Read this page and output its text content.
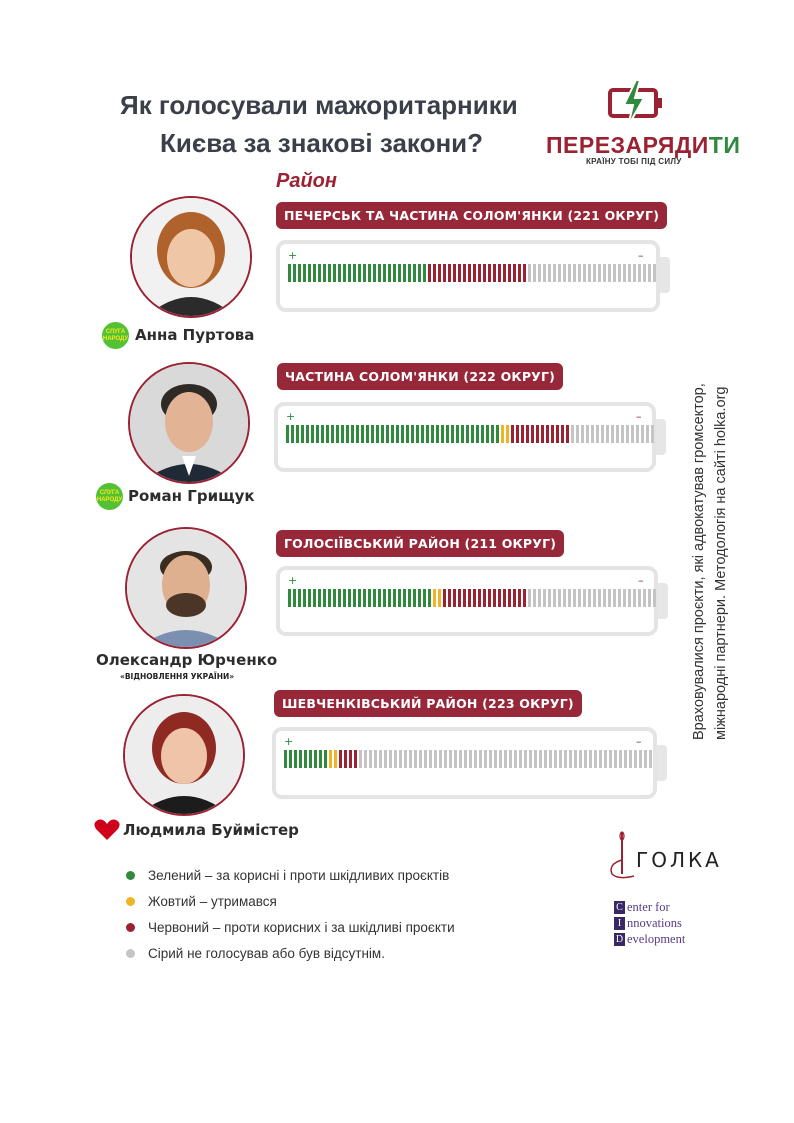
Як голосували мажоритарники
Києва за знакові закони?	ПЕРЕЗАРЯДИТИ
КРАЇНУ ТОБІ ПІД СИЛУ
Район
СЛУГА
НАРОДУ Анна Пуртова
ПЕЧЕРСЬК ТА ЧАСТИНА СОЛОМ'ЯНКИ (221 ОКРУГ)
+	–
СЛУГА
НАРОДУ Роман Грищук
ЧАСТИНА СОЛОМ'ЯНКИ (222 ОКРУГ)
+	–
Олександр Юрченко
«ВІДНОВЛЕННЯ УКРАЇНИ»
ГОЛОСІЇВСЬКИЙ РАЙОН (211 ОКРУГ)
+	–
Людмила Буймістер
ШЕВЧЕНКІВСЬКИЙ РАЙОН (223 ОКРУГ)
+	–
Зелений – за корисні і проти шкідливих проєктів
Жовтий – утримався
Червоний – проти корисних і за шкідливі проєкти
Сірий не голосував або був відсутнім.
Враховувалися проєкти, які адвокатував громсектор, міжнародні партнери. Методологія на сайті holka.org
ГОЛКА
C enter for
I nnovations
D evelopment
